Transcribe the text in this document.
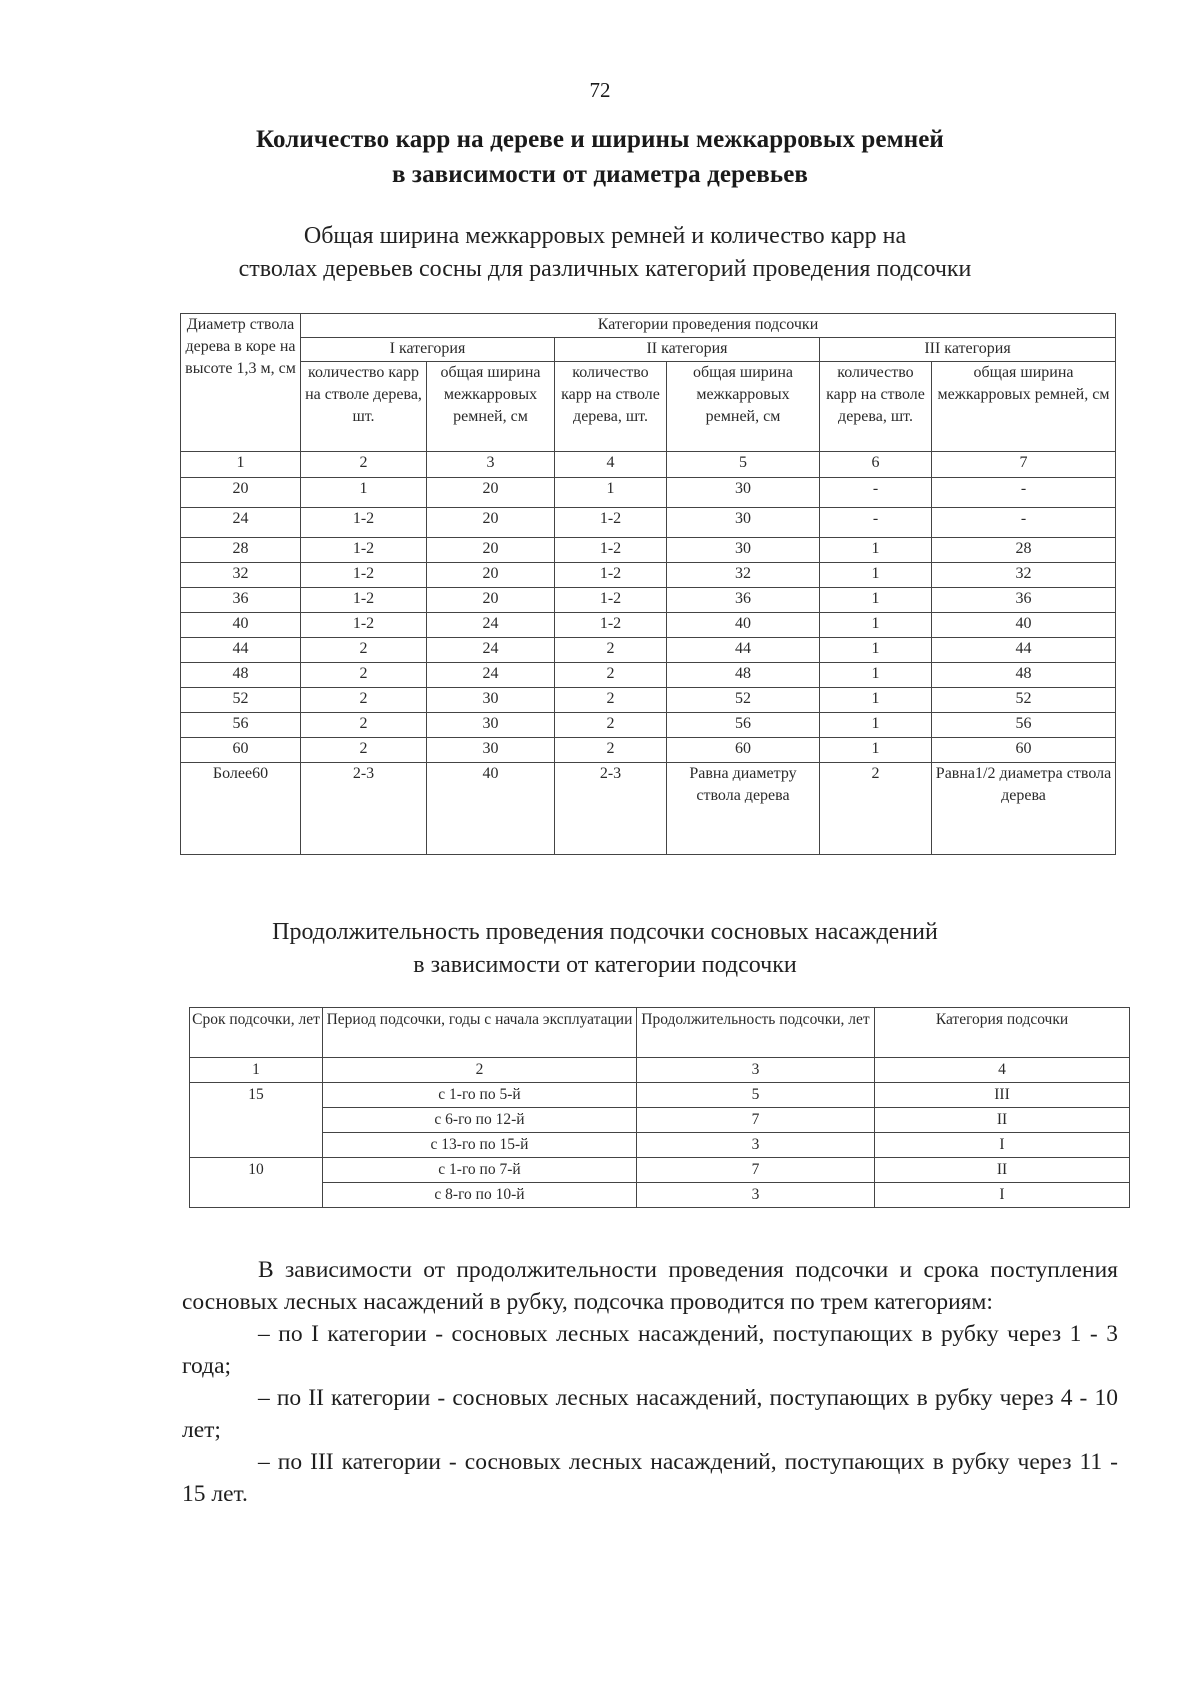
72
Количество карр на дереве и ширины межкарровых ремней
в зависимости от диаметра деревьев
Общая ширина межкарровых ремней и количество карр на
стволах деревьев сосны для различных категорий проведения подсочки
Диаметр ствола дерева в коре на высоте 1,3 м, см	Категории проведения подсочки					
	I категория		II категория		III категория	
	количество карр на стволе дерева, шт.	общая ширина межкарровых ремней, см	количество карр на стволе дерева, шт.	общая ширина межкарровых ремней, см	количество карр на стволе дерева, шт.	общая ширина межкарровых ремней, см
1	2	3	4	5	6	7
20	1	20	1	30	-	-
24	1-2	20	1-2	30	-	-
28	1-2	20	1-2	30	1	28
32	1-2	20	1-2	32	1	32
36	1-2	20	1-2	36	1	36
40	1-2	24	1-2	40	1	40
44	2	24	2	44	1	44
48	2	24	2	48	1	48
52	2	30	2	52	1	52
56	2	30	2	56	1	56
60	2	30	2	60	1	60
Более60	2-3	40	2-3	Равна диаметру ствола дерева	2	Равна1/2 диаметра ствола дерева
Продолжительность проведения подсочки сосновых насаждений
в зависимости от категории подсочки
Срок подсочки, лет	Период подсочки, годы с начала эксплуатации	Продолжительность подсочки, лет	Категория подсочки
1	2	3	4
15	с 1-го по 5-й	5	III
	с 6-го по 12-й	7	II
	с 13-го по 15-й	3	I
10	с 1-го по 7-й	7	II
	с 8-го по 10-й	3	I

В зависимости от продолжительности проведения подсочки и срока поступления сосновых лесных насаждений в рубку, подсочка проводится по трем категориям:

– по I категории - сосновых лесных насаждений, поступающих в рубку через 1 - 3 года;

– по II категории - сосновых лесных насаждений, поступающих в рубку через 4 - 10 лет;

– по III категории - сосновых лесных насаждений, поступающих в рубку через 11 - 15 лет.
